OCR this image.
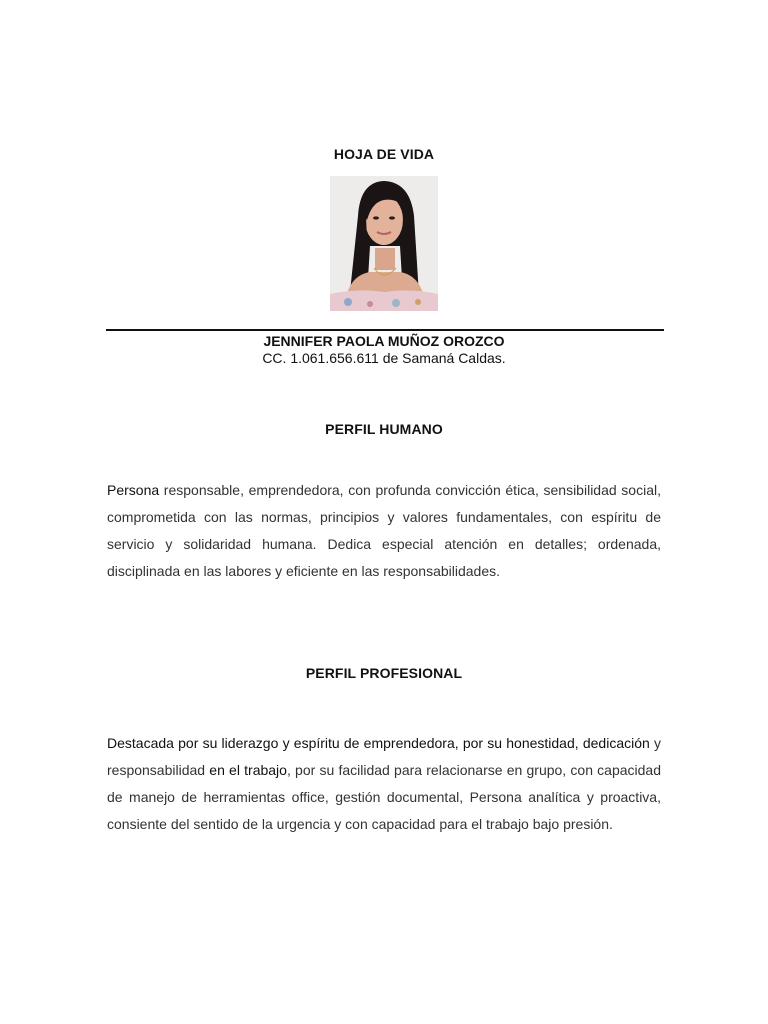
HOJA DE VIDA
JENNIFER PAOLA MUÑOZ OROZCO
CC. 1.061.656.611 de Samaná Caldas.
PERFIL HUMANO
Persona responsable, emprendedora, con profunda convicción ética, sensibilidad social, comprometida con las normas, principios y valores fundamentales, con espíritu de servicio y solidaridad humana. Dedica especial atención en detalles; ordenada, disciplinada en las labores y eficiente en las responsabilidades.
PERFIL PROFESIONAL
Destacada por su liderazgo y espíritu de emprendedora, por su honestidad, dedicación y responsabilidad en el trabajo, por su facilidad para relacionarse en grupo, con capacidad de manejo de herramientas office, gestión documental, Persona analítica y proactiva, consiente del sentido de la urgencia y con capacidad para el trabajo bajo presión.
